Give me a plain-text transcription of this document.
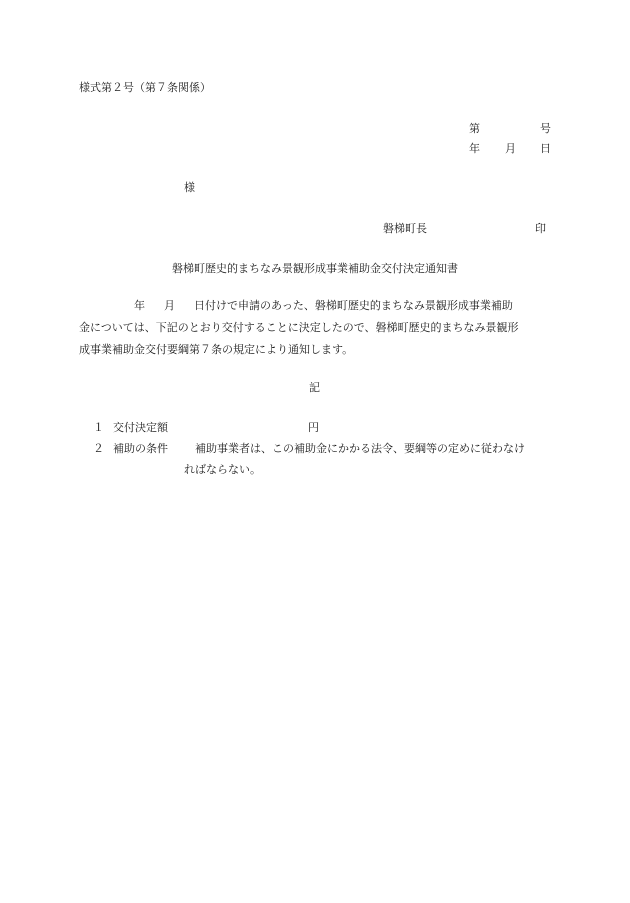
様式第２号（第７条関係）
第	号
年 月 日
様
磐梯町長	印
磐梯町歴史的まちなみ景観形成事業補助金交付決定通知書
年 月 日付けで申請のあった、磐梯町歴史的まちなみ景観形成事業補助
金については、下記のとおり交付することに決定したので、磐梯町歴史的まちなみ景観形
成事業補助金交付要綱第７条の規定により通知します。
記
１ 交付決定額	円
２ 補助の条件 補助事業者は、この補助金にかかる法令、要綱等の定めに従わなけ
ればならない。
